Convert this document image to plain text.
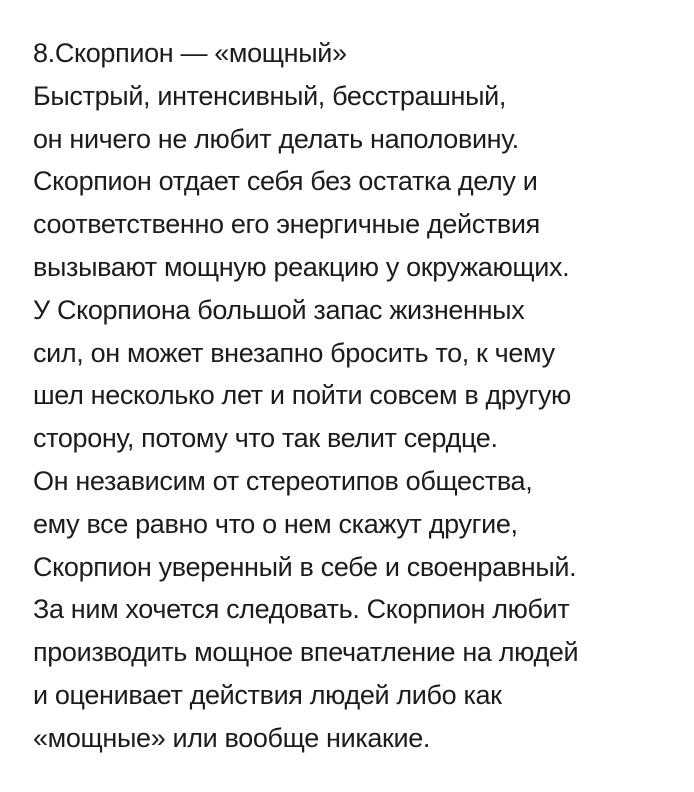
8.Скорпион — «мощный»
Быстрый, интенсивный, бесстрашный,
он ничего не любит делать наполовину.
Скорпион отдает себя без остатка делу и
соответственно его энергичные действия
вызывают мощную реакцию у окружающих.
У Скорпиона большой запас жизненных
сил, он может внезапно бросить то, к чему
шел несколько лет и пойти совсем в другую
сторону, потому что так велит сердце.
Он независим от стереотипов общества,
ему все равно что о нем скажут другие,
Скорпион уверенный в себе и своенравный.
За ним хочется следовать. Скорпион любит
производить мощное впечатление на людей
и оценивает действия людей либо как
«мощные» или вообще никакие.
